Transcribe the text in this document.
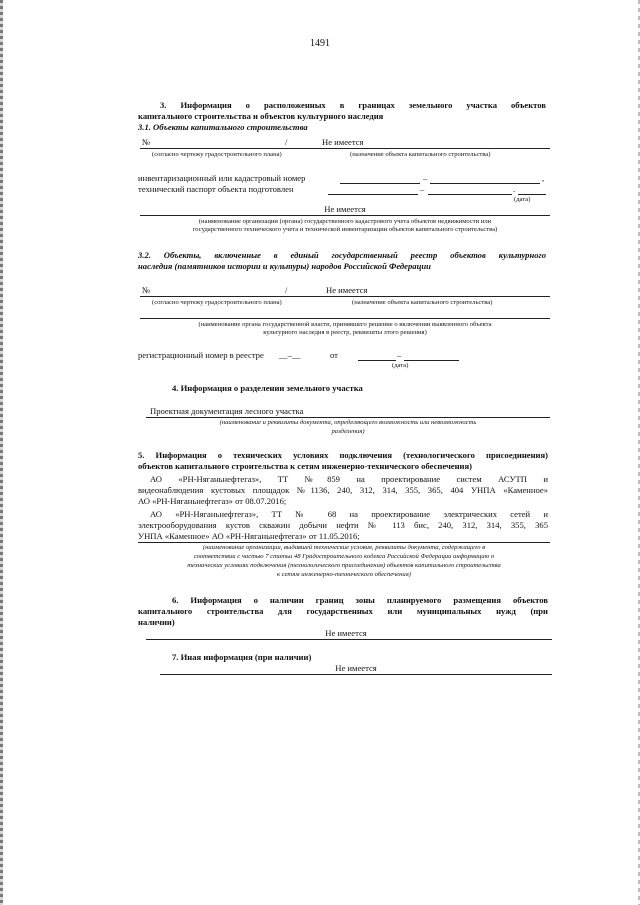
1491
3. Информация о расположенных в границах земельного участка объектов
капитального строительства и объектов культурного наследия
3.1. Объекты капитального строительства
№	/	Не имеется
(согласно чертежу градостроительного плана)	(назначение объекта капитального строительства)
инвентаризационный или кадастровый номер	–	,
технический паспорт объекта подготовлен	–	.
(дата)
Не имеется
(наименование организации (органа) государственного кадастрового учета объектов недвижимости или
государственного технического учета и технической инвентаризации объектов капитального строительства)
3.2. Объекты, включенные в единый государственный реестр объектов культурного
наследия (памятников истории и культуры) народов Российской Федерации
№	/	Не имеется
(согласно чертежу градостроительного плана)	(назначение объекта капитального строительства)
(наименование органа государственной власти, принявшего решение о включении выявленного объекта
культурного наследия в реестр, реквизиты этого решения)
регистрационный номер в реестре __–__	от	–
(дата)
4. Информация о разделении земельного участка
Проектная документация лесного участка
(наименование и реквизиты документа, определяющего возможность или невозможность
разделения)
5. Информация о технических условиях подключения (технологического присоединения)
объектов капитального строительства к сетям инженерно-технического обеспечения)
АО «РН-Няганьнефтегаз», ТТ №859 на проектирование систем АСУТП и
видеонаблюдения кустовых площадок №1136, 240, 312, 314, 355, 365, 404 УНПА «Каменное»
АО «РН-Няганьнефтегаз» от 08.07.2016;
АО «РН-Няганьнефтегаз», ТТ № 68 на проектирование электрических сетей и
электрооборудования кустов скважин добычи нефти № 113 бис, 240, 312, 314, 355, 365
УНПА «Каменное» АО «РН-Няганьнефтегаз» от 11.05.2016;
(наименование организации, выдавшей технические условия, реквизиты документа, содержащего в
соответствии с частью 7 статьи 48 Градостроительного кодекса Российской Федерации информацию о
технических условиях подключения (технологического присоединения) объектов капитального строительства
к сетям инженерно-технического обеспечения)
6. Информация о наличии границ зоны планируемого размещения объектов
капитального строительства для государственных или муниципальных нужд (при
наличии)
Не имеется
7. Иная информация (при наличии)
Не имеется
